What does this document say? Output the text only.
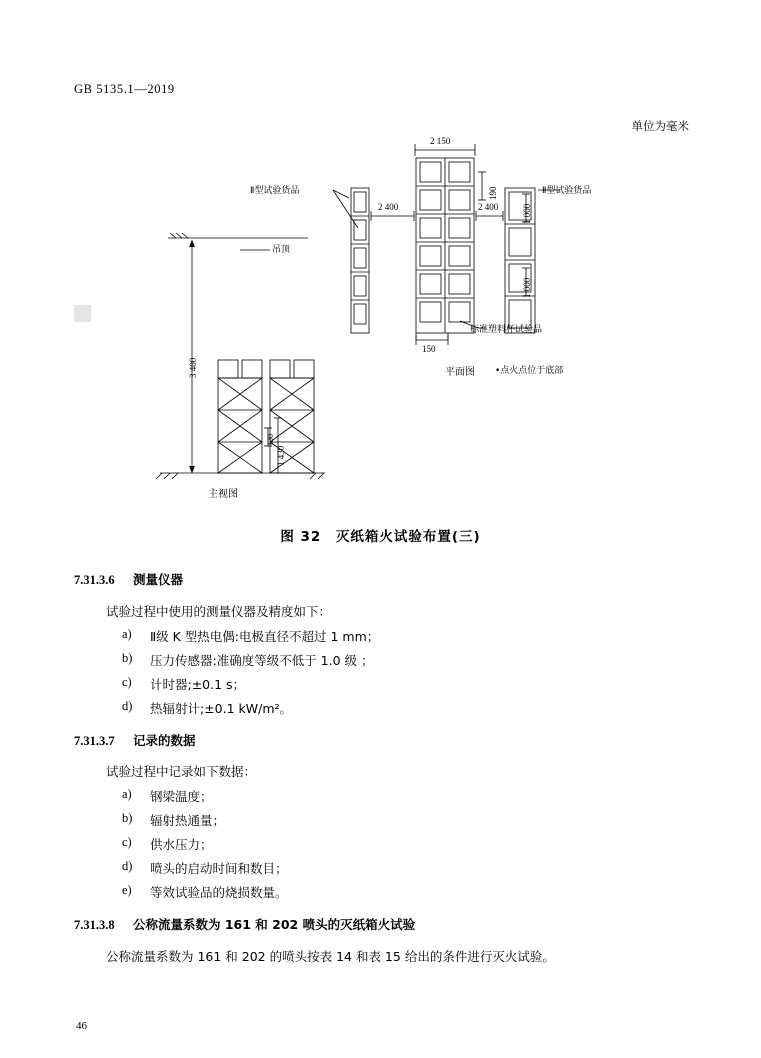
GB 5135.1—2019
单位为毫米
Ⅱ型试验货品	Ⅱ型试验货品
吊顶
标准塑料杯试验品
平面图 •点火点位于底部
主视图
2 150
2 400	2 400
190
1 000
1 000
150
3 400
1 430
130
图 32　灭纸箱火试验布置(三)
7.31.3.6 测量仪器
试验过程中使用的测量仪器及精度如下：
a) Ⅱ级 K 型热电偶:电极直径不超过 1 mm；
b) 压力传感器:准确度等级不低于 1.0 级 ；
c) 计时器;±0.1 s；
d) 热辐射计;±0.1 kW/m²。
7.31.3.7 记录的数据
试验过程中记录如下数据：
a) 钢梁温度；
b) 辐射热通量；
c) 供水压力；
d) 喷头的启动时间和数目；
e) 等效试验品的烧损数量。
7.31.3.8 公称流量系数为 161 和 202 喷头的灭纸箱火试验
公称流量系数为 161 和 202 的喷头按表 14 和表 15 给出的条件进行灭火试验。
46
